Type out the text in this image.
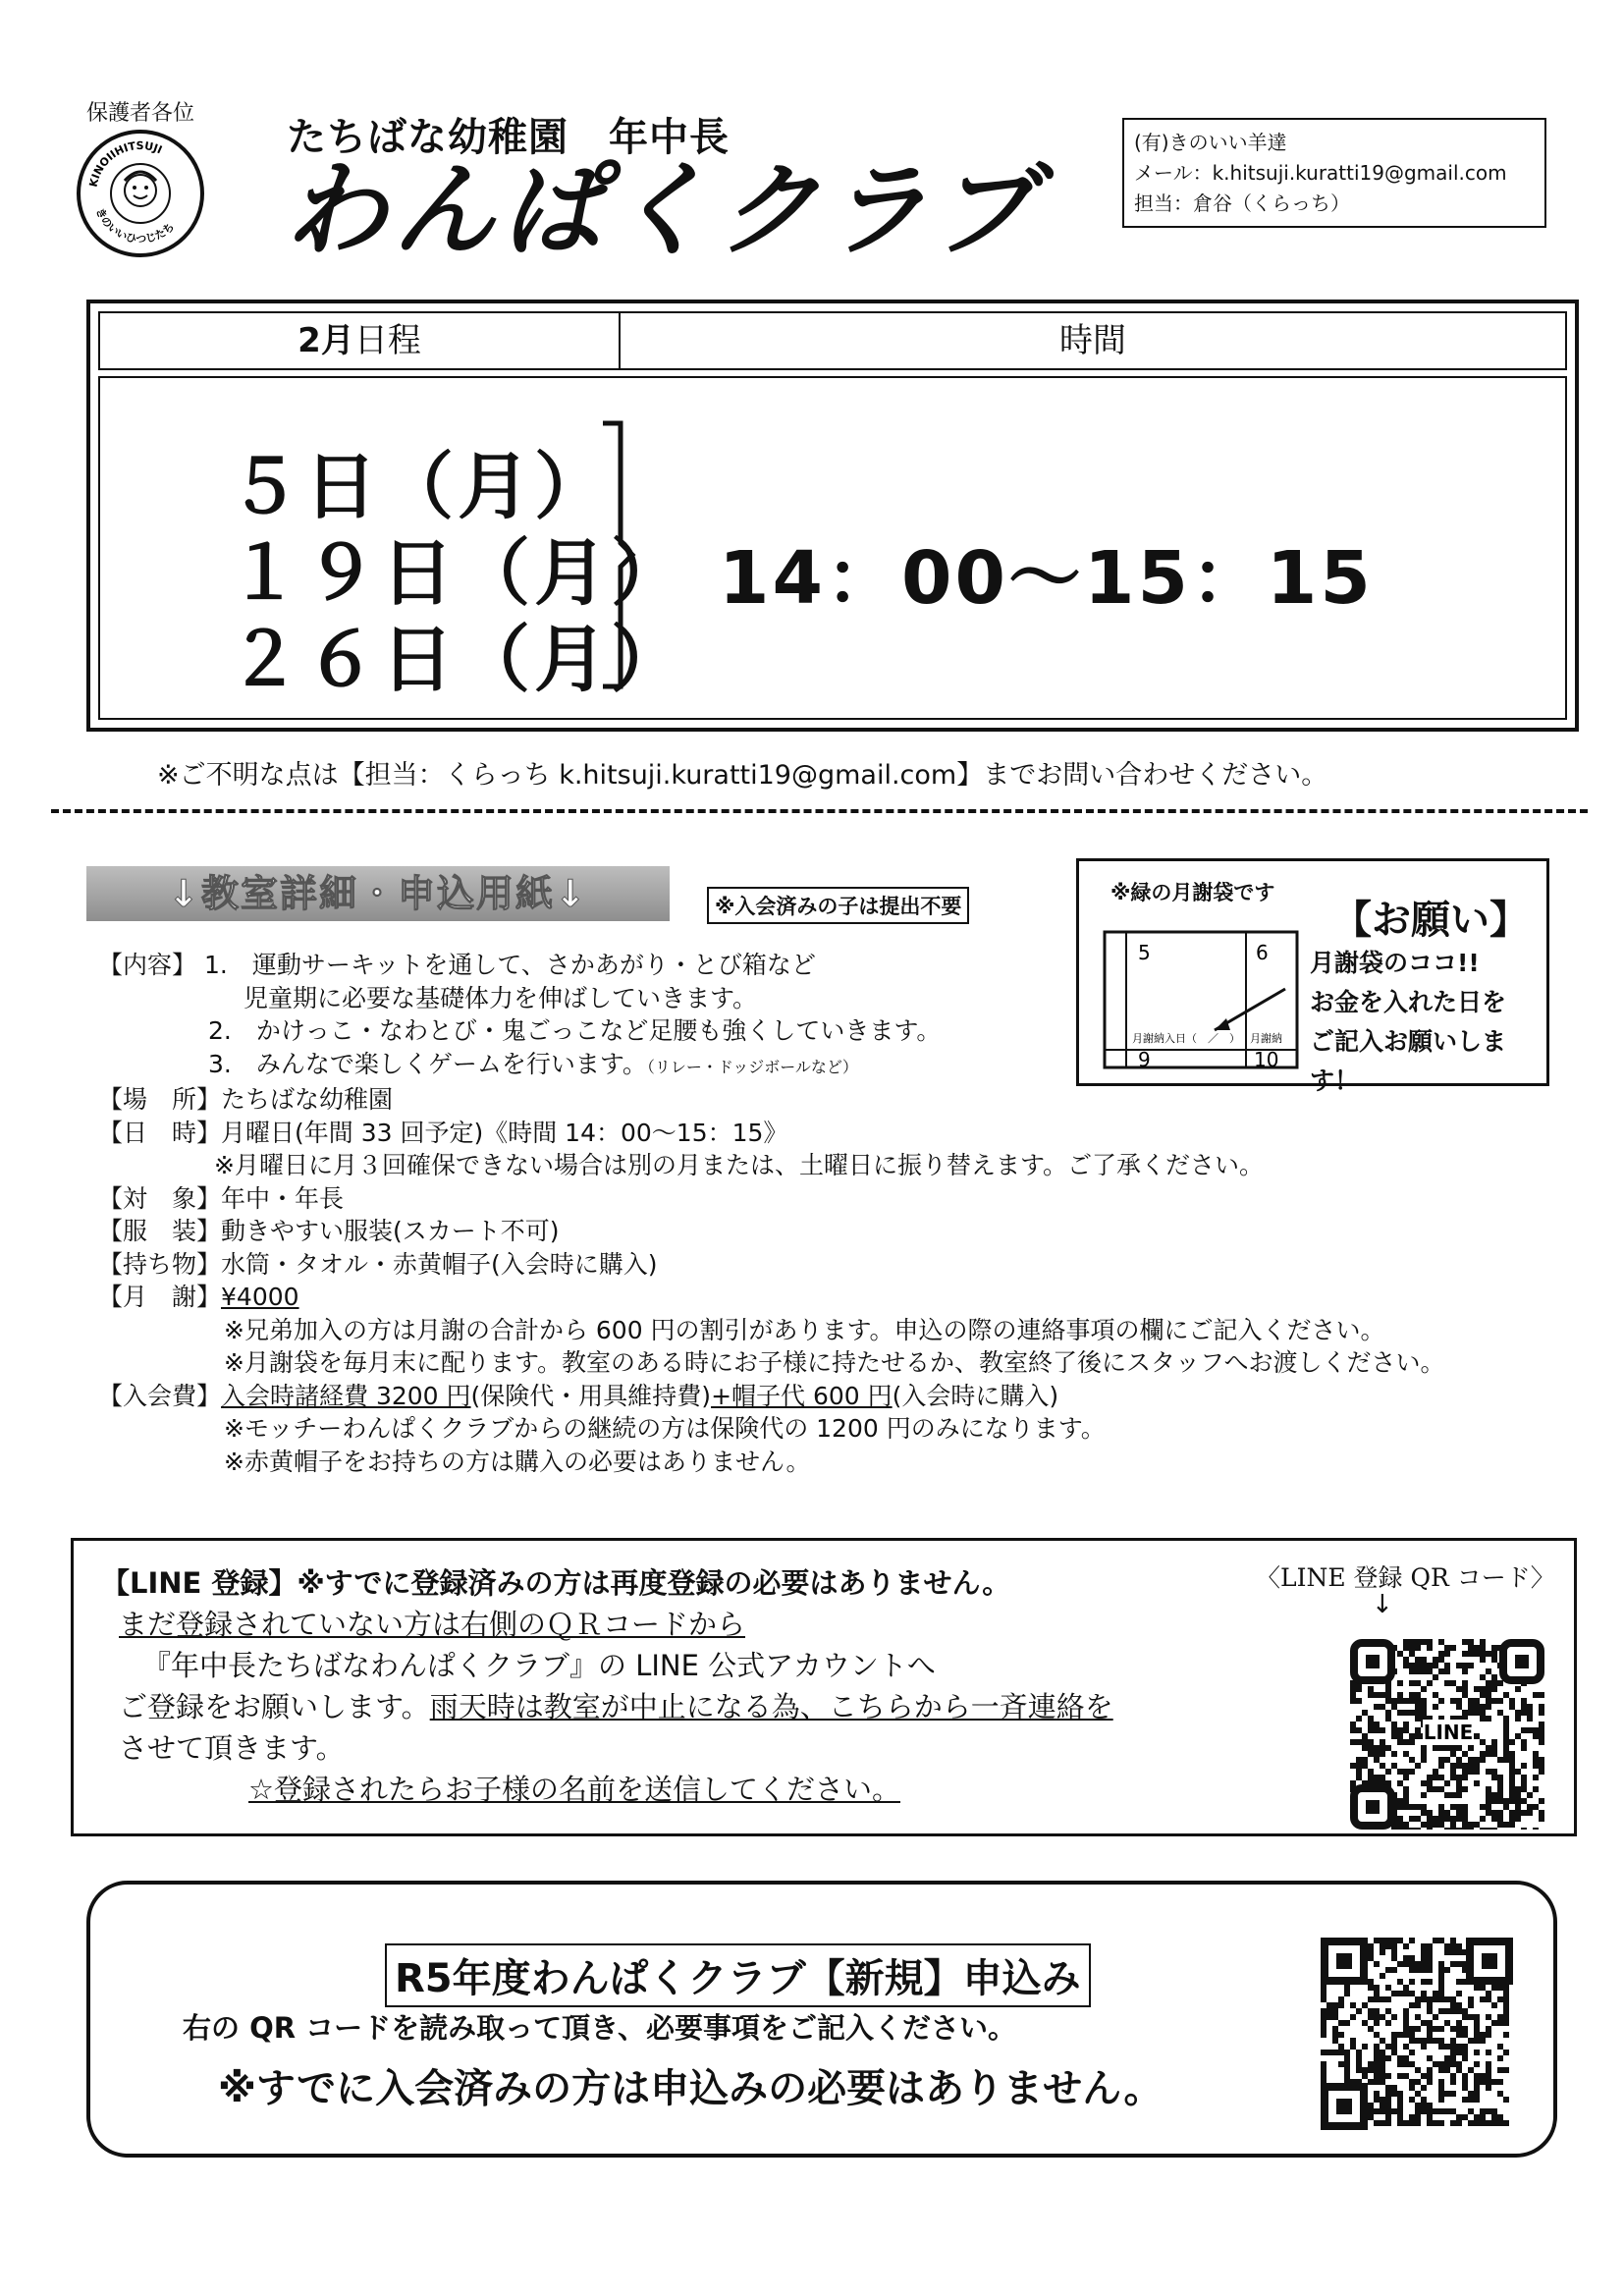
保護者各位
KINOIIHITSUJI
きのいいひつじたち
たちばな幼稚園　年中長
わんぱくクラブ
(有)きのいい羊達
メール：k.hitsuji.kuratti19@gmail.com
担当：倉谷（くらっち）
2月日程	時間
５日（月）
１９日（月）
２６日（月）
14：00～15：15
※ご不明な点は【担当：くらっち k.hitsuji.kuratti19@gmail.com】までお問い合わせください。
↓教室詳細・申込用紙↓	※入会済みの子は提出不要
※緑の月謝袋です
5	6
月謝納入日（　／　） 月謝納
9	10
【お願い】
月謝袋のココ!!
お金を入れた日を
ご記入お願いします！
【内容】 1.　運動サーキットを通して、さかあがり・とび箱など
児童期に必要な基礎体力を伸ばしていきます。
2.　かけっこ・なわとび・鬼ごっこなど足腰も強くしていきます。
3.　みんなで楽しくゲームを行います。（リレー・ドッジボールなど）
【場　所】たちばな幼稚園
【日　時】月曜日(年間 33 回予定)《時間 14：00～15：15》
※月曜日に月３回確保できない場合は別の月または、土曜日に振り替えます。ご了承ください。
【対　象】年中・年長
【服　装】動きやすい服装(スカート不可)
【持ち物】水筒・タオル・赤黄帽子(入会時に購入)
【月　謝】¥4000
※兄弟加入の方は月謝の合計から 600 円の割引があります。申込の際の連絡事項の欄にご記入ください。
※月謝袋を毎月末に配ります。教室のある時にお子様に持たせるか、教室終了後にスタッフへお渡しください。
【入会費】入会時諸経費 3200 円(保険代・用具維持費)+帽子代 600 円(入会時に購入)
※モッチーわんぱくクラブからの継続の方は保険代の 1200 円のみになります。
※赤黄帽子をお持ちの方は購入の必要はありません。
【LINE 登録】※すでに登録済みの方は再度登録の必要はありません。
まだ登録されていない方は右側のＱＲコードから
『年中長たちばなわんぱくクラブ』の LINE 公式アカウントへ
ご登録をお願いします。雨天時は教室が中止になる為、こちらから一斉連絡を
させて頂きます。
☆登録されたらお子様の名前を送信してください。
〈LINE 登録 QR コード〉
↓
LINE
R5年度わんぱくクラブ【新規】申込み
右の QR コードを読み取って頂き、必要事項をご記入ください。
※すでに入会済みの方は申込みの必要はありません。
